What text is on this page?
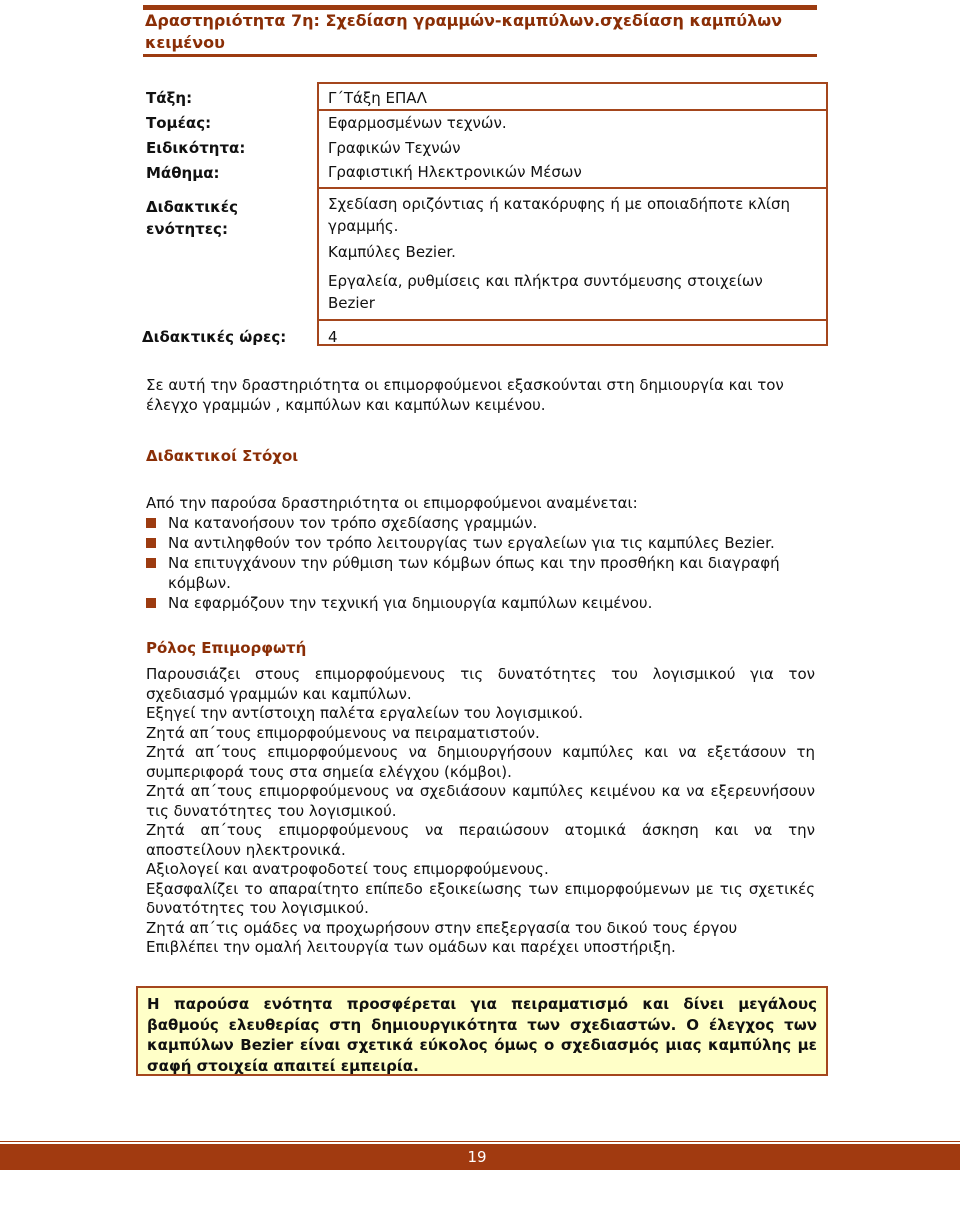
Δραστηριότητα 7η: Σχεδίαση γραμμών-καμπύλων.σχεδίαση καμπύλων κειμένου
Τάξη:	Γ΄Τάξη ΕΠΑΛ
Τομέας:	Εφαρμοσμένων τεχνών.
Ειδικότητα:	Γραφικών Τεχνών
Μάθημα:	Γραφιστική Ηλεκτρονικών Μέσων
Διδακτικές
ενότητες:
Σχεδίαση οριζόντιας ή κατακόρυφης ή με οποιαδήποτε κλίση γραμμής.
Καμπύλες Bezier.
Εργαλεία, ρυθμίσεις και πλήκτρα συντόμευσης στοιχείων Bezier
Διδακτικές ώρες:	4
Σε αυτή την δραστηριότητα οι επιμορφούμενοι εξασκούνται στη δημιουργία και τον έλεγχο γραμμών , καμπύλων και καμπύλων κειμένου.
Διδακτικοί Στόχοι
Από την παρούσα δραστηριότητα οι επιμορφούμενοι αναμένεται:
Να κατανοήσουν τον τρόπο σχεδίασης γραμμών.
Να αντιληφθούν τον τρόπο λειτουργίας των εργαλείων για τις καμπύλες Bezier.
Να επιτυγχάνουν την ρύθμιση των κόμβων όπως και την προσθήκη και διαγραφή κόμβων.
Να εφαρμόζουν την τεχνική για δημιουργία καμπύλων κειμένου.
Ρόλος Επιμορφωτή

Παρουσιάζει στους επιμορφούμενους τις δυνατότητες του λογισμικού για τον σχεδιασμό γραμμών και καμπύλων.

Εξηγεί την αντίστοιχη παλέτα εργαλείων του λογισμικού.

Ζητά απ΄τους επιμορφούμενους να πειραματιστούν.

Ζητά απ΄τους επιμορφούμενους να δημιουργήσουν καμπύλες και να εξετάσουν τη συμπεριφορά τους στα σημεία ελέγχου (κόμβοι).

Ζητά απ΄τους επιμορφούμενους να σχεδιάσουν καμπύλες κειμένου κα να εξερευνήσουν τις δυνατότητες του λογισμικού.

Ζητά απ΄τους επιμορφούμενους να περαιώσουν ατομικά άσκηση και να την αποστείλουν ηλεκτρονικά.

Αξιολογεί και ανατροφοδοτεί τους επιμορφούμενους.

Εξασφαλίζει το απαραίτητο επίπεδο εξοικείωσης των επιμορφούμενων με τις σχετικές δυνατότητες του λογισμικού.

Ζητά απ΄τις ομάδες να προχωρήσουν στην επεξεργασία του δικού τους έργου

Επιβλέπει την ομαλή λειτουργία των ομάδων και παρέχει υποστήριξη.

Η παρούσα ενότητα προσφέρεται για πειραματισμό και δίνει μεγάλους βαθμούς ελευθερίας στη δημιουργικότητα των σχεδιαστών. Ο έλεγχος των καμπύλων Bezier είναι σχετικά εύκολος όμως ο σχεδιασμός μιας καμπύλης με σαφή στοιχεία απαιτεί εμπειρία.
19
